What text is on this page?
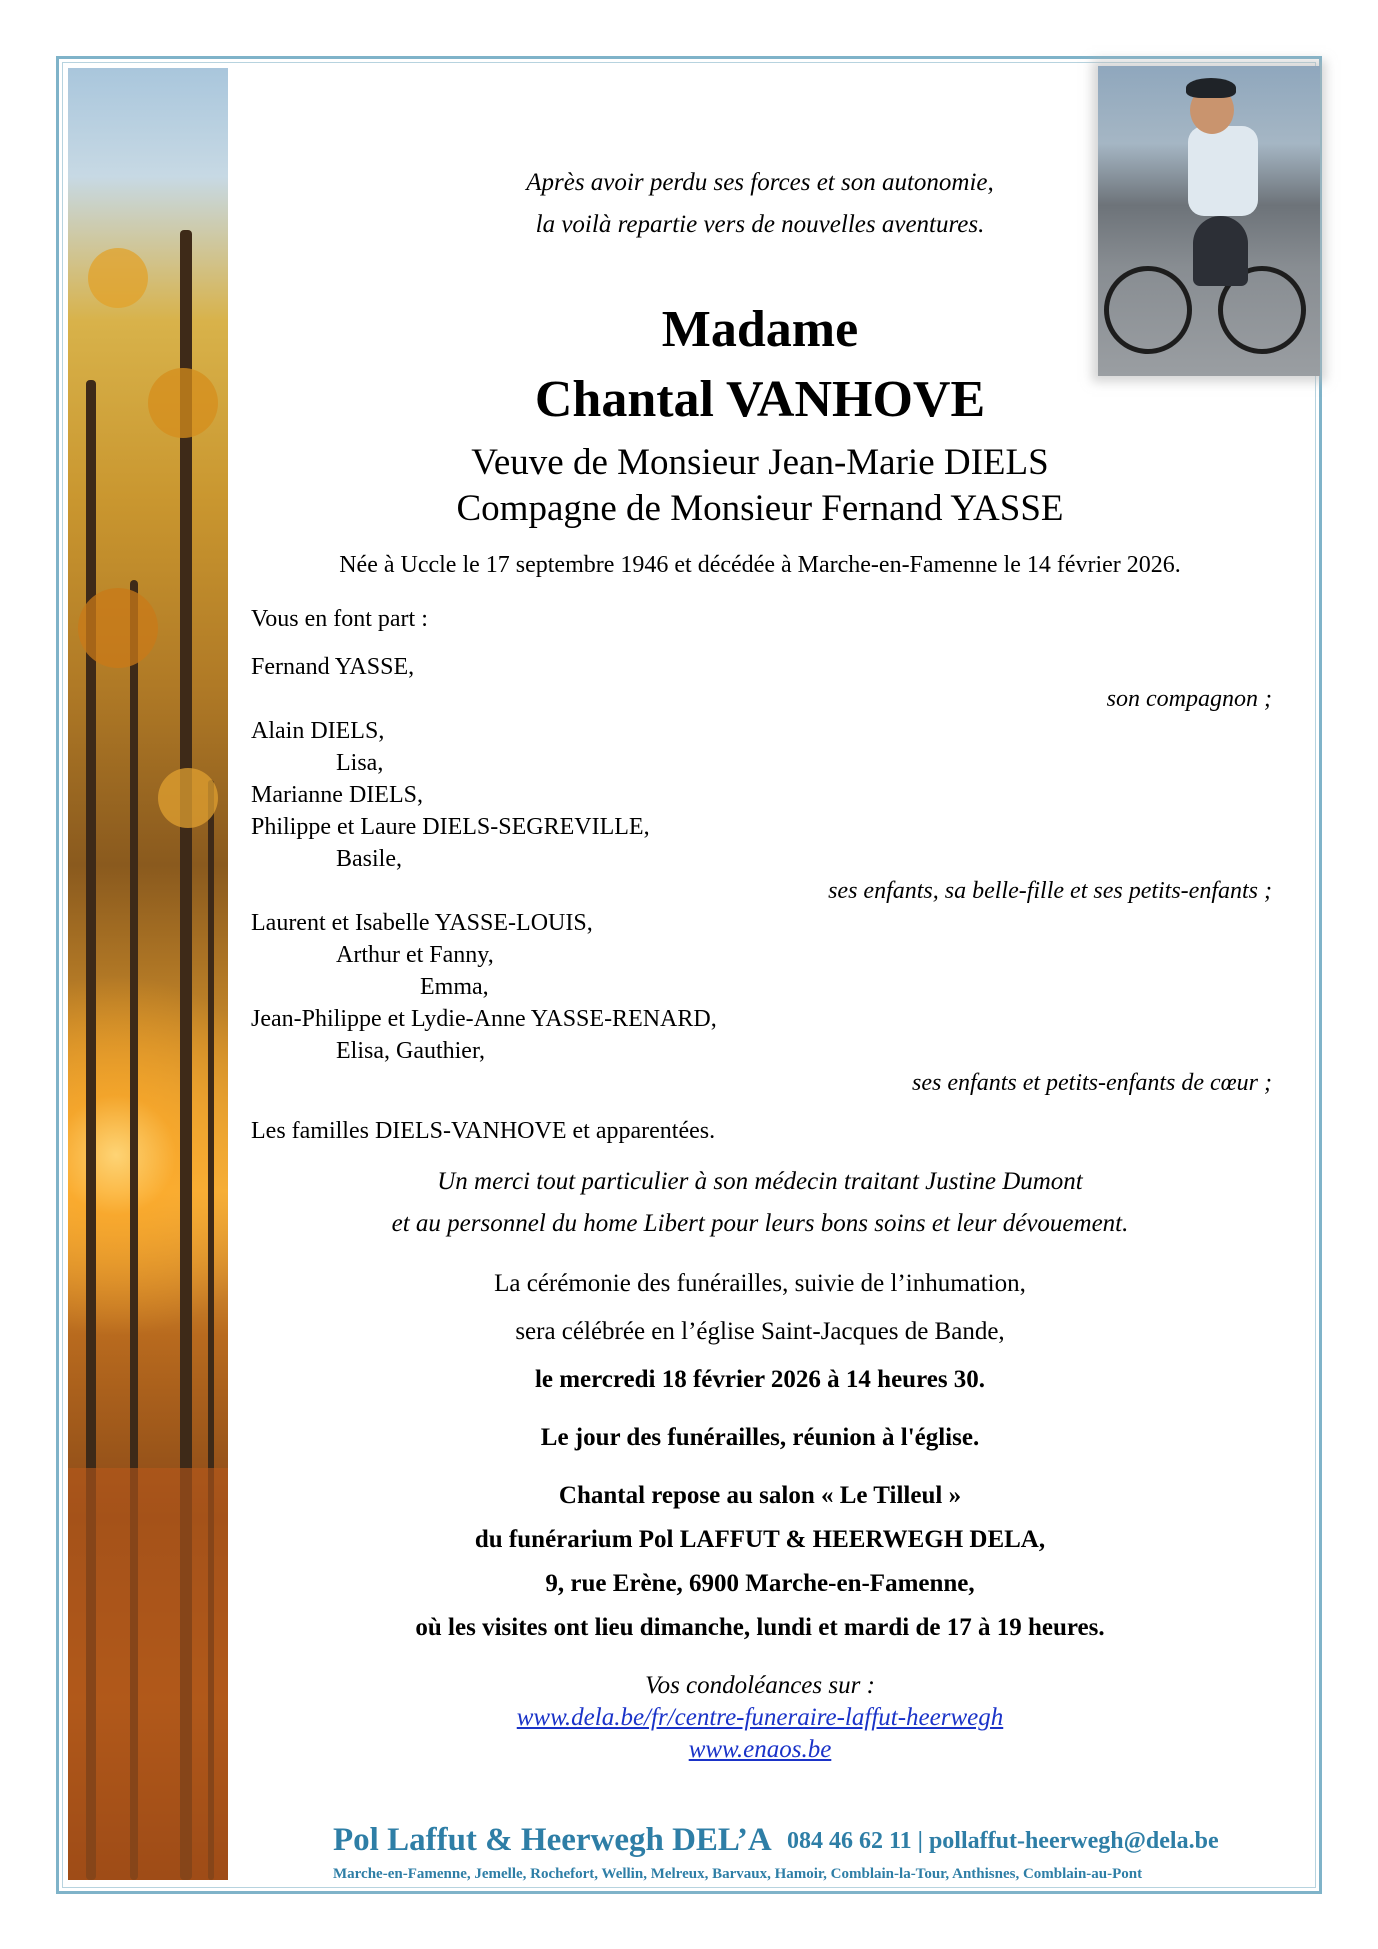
Après avoir perdu ses forces et son autonomie,
la voilà repartie vers de nouvelles aventures.
Madame
Chantal VANHOVE
Veuve de Monsieur Jean-Marie DIELS
Compagne de Monsieur Fernand YASSE
Née à Uccle le 17 septembre 1946 et décédée à Marche-en-Famenne le 14 février 2026.
Vous en font part :
Fernand YASSE,
son compagnon ;
Alain DIELS,
Lisa,
Marianne DIELS,
Philippe et Laure DIELS-SEGREVILLE,
Basile,
ses enfants, sa belle-fille et ses petits-enfants ;
Laurent et Isabelle YASSE-LOUIS,
Arthur et Fanny,
Emma,
Jean-Philippe et Lydie-Anne YASSE-RENARD,
Elisa, Gauthier,
ses enfants et petits-enfants de cœur ;
Les familles DIELS-VANHOVE et apparentées.
Un merci tout particulier à son médecin traitant Justine Dumont
et au personnel du home Libert pour leurs bons soins et leur dévouement.
La cérémonie des funérailles, suivie de l’inhumation,
sera célébrée en l’église Saint-Jacques de Bande,
le mercredi 18 février 2026 à 14 heures 30.
Le jour des funérailles, réunion à l'église.
Chantal repose au salon « Le Tilleul »
du funérarium Pol LAFFUT & HEERWEGH DELA,
9, rue Erène, 6900 Marche-en-Famenne,
où les visites ont lieu dimanche, lundi et mardi de 17 à 19 heures.
Vos condoléances sur :
www.dela.be/fr/centre-funeraire-laffut-heerwegh
www.enaos.be
Pol Laffut & Heerwegh DEL’A 084 46 62 11 | pollaffut-heerwegh@dela.be
Marche-en-Famenne, Jemelle, Rochefort, Wellin, Melreux, Barvaux, Hamoir, Comblain-la-Tour, Anthisnes, Comblain-au-Pont
